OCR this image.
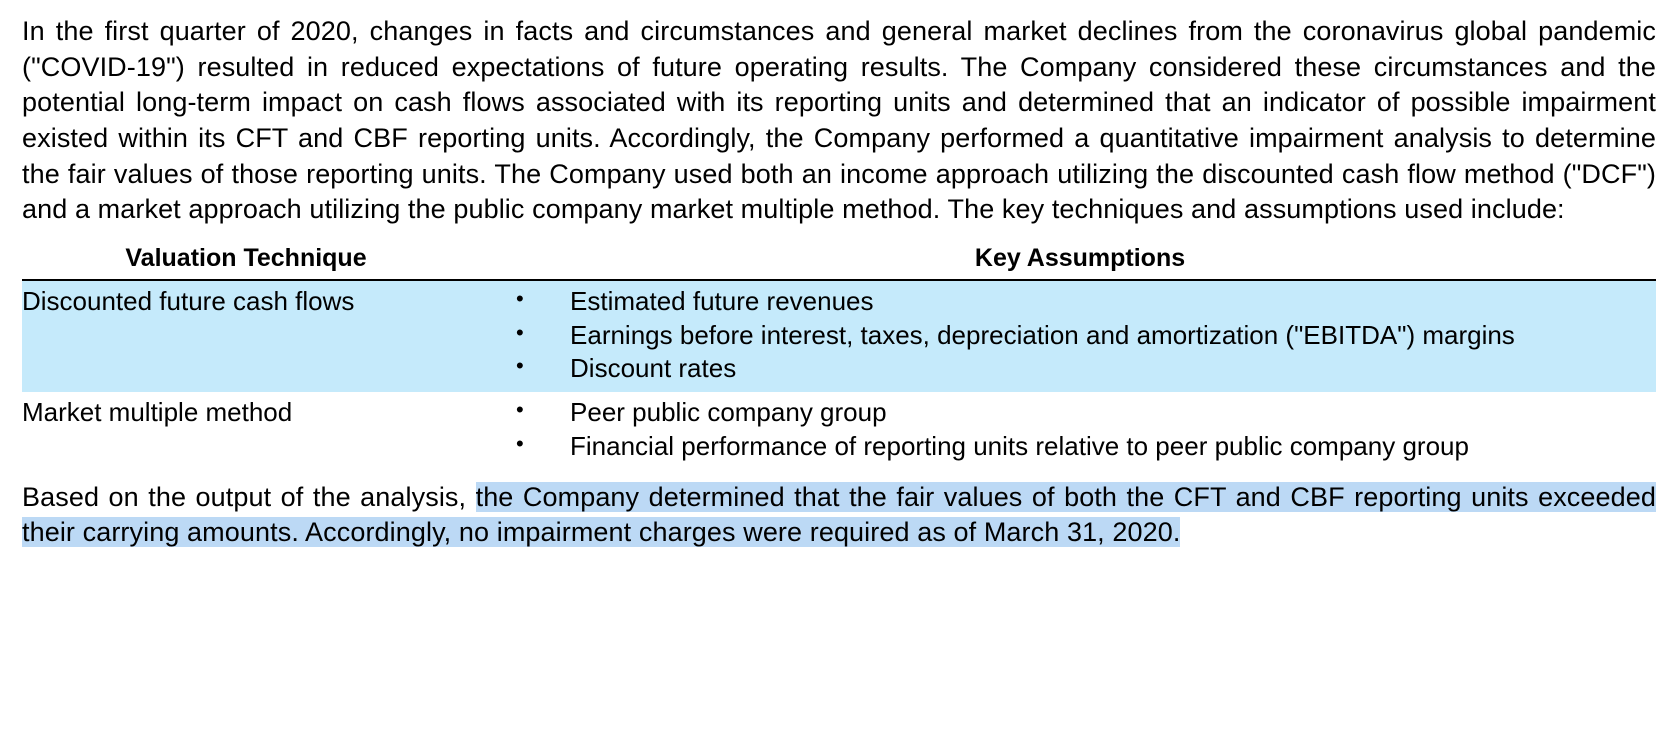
In the first quarter of 2020, changes in facts and circumstances and general market declines from the coronavirus global pandemic ("COVID-19") resulted in reduced expectations of future operating results. The Company considered these circumstances and the potential long-term impact on cash flows associated with its reporting units and determined that an indicator of possible impairment existed within its CFT and CBF reporting units. Accordingly, the Company performed a quantitative impairment analysis to determine the fair values of those reporting units. The Company used both an income approach utilizing the discounted cash flow method ("DCF") and a market approach utilizing the public company market multiple method. The key techniques and assumptions used include:

Valuation Technique	Key Assumptions
Discounted future cash flows	
•Estimated future revenues
• Earnings before interest, taxes, depreciation and amortization ("EBITDA") margins
• Discount rates

Market multiple method	
•Peer public company group
• Financial performance of reporting units relative to peer public company group

Based on the output of the analysis, the Company determined that the fair values of both the CFT and CBF reporting units exceeded their carrying amounts. Accordingly, no impairment charges were required as of March 31, 2020.
